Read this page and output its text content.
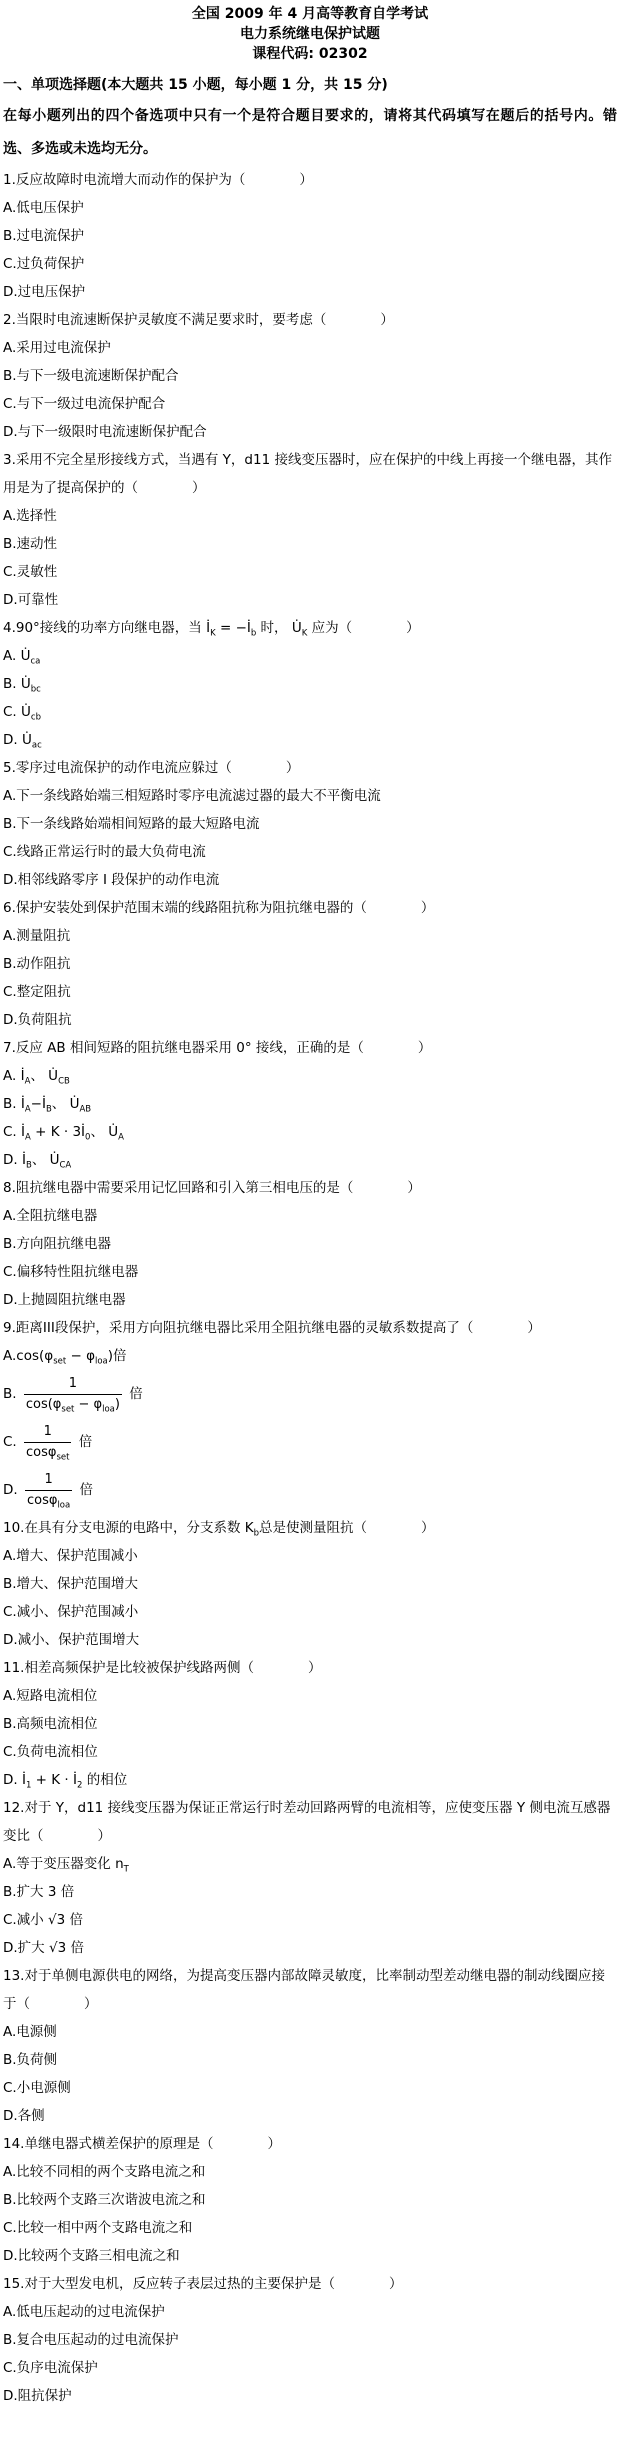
全国 2009 年 4 月高等教育自学考试
电力系统继电保护试题
课程代码: 02302
一、单项选择题(本大题共 15 小题，每小题 1 分，共 15 分)
在每小题列出的四个备选项中只有一个是符合题目要求的，请将其代码填写在题后的括号内。错选、多选或未选均无分。
1.反应故障时电流增大而动作的保护为（　　　　）
A.低电压保护
B.过电流保护
C.过负荷保护
D.过电压保护
2.当限时电流速断保护灵敏度不满足要求时，要考虑（　　　　）
A.采用过电流保护
B.与下一级电流速断保护配合
C.与下一级过电流保护配合
D.与下一级限时电流速断保护配合
3.采用不完全星形接线方式，当遇有 Y，d11 接线变压器时，应在保护的中线上再接一个继电器，其作用是为了提高保护的（　　　　）
A.选择性
B.速动性
C.灵敏性
D.可靠性
4.90°接线的功率方向继电器，当 $İ_K$ = $-İ_b$ 时， $U̇_K$ 应为（　　　　）
A. $U̇_{ca}$
B. $U̇_{bc}$
C. $U̇_{cb}$
D. $U̇_{ac}$
5.零序过电流保护的动作电流应躲过（　　　　）
A.下一条线路始端三相短路时零序电流滤过器的最大不平衡电流
B.下一条线路始端相间短路的最大短路电流
C.线路正常运行时的最大负荷电流
D.相邻线路零序 I 段保护的动作电流
6.保护安装处到保护范围末端的线路阻抗称为阻抗继电器的（　　　　）
A.测量阻抗
B.动作阻抗
C.整定阻抗
D.负荷阻抗
7.反应 AB 相间短路的阻抗继电器采用 0° 接线，正确的是（　　　　）
A. $İ_A$、 $U̇_{CB}$
B. $İ_A-İ_B$、 $U̇_{AB}$
C. $İ_A + K$ · $3İ_0$、 $U̇_A$
D. $İ_B$、 $U̇_{CA}$
8.阻抗继电器中需要采用记忆回路和引入第三相电压的是（　　　　）
A.全阻抗继电器
B.方向阻抗继电器
C.偏移特性阻抗继电器
D.上抛圆阻抗继电器
9.距离III段保护，采用方向阻抗继电器比采用全阻抗继电器的灵敏系数提高了（　　　　）
$A.\cos(\varphi_{set} - \varphi_{loa})$倍
B. $\frac{1}{\cos(\varphi_{set} - \varphi_{loa})}$ 倍
C. $\frac{1}{\cos\varphi_{set}}$ 倍
D. $\frac{1}{\cos\varphi_{loa}}$ 倍
10.在具有分支电源的电路中，分支系数 $K_b$总是使测量阻抗（　　　　）
A.增大、保护范围减小
B.增大、保护范围增大
C.减小、保护范围减小
D.减小、保护范围增大
11.相差高频保护是比较被保护线路两侧（　　　　）
A.短路电流相位
B.高频电流相位
C.负荷电流相位
D. $İ_1 + K$ · $İ_2$ 的相位
12.对于 Y，d11 接线变压器为保证正常运行时差动回路两臂的电流相等，应使变压器 Y 侧电流互感器变比（　　　　）
A.等于变压器变化 $n_T$
B.扩大 3 倍
C.减小 √3 倍
D.扩大 √3 倍
13.对于单侧电源供电的网络，为提高变压器内部故障灵敏度，比率制动型差动继电器的制动线圈应接于（　　　　）
A.电源侧
B.负荷侧
C.小电源侧
D.各侧
14.单继电器式横差保护的原理是（　　　　）
A.比较不同相的两个支路电流之和
B.比较两个支路三次谐波电流之和
C.比较一相中两个支路电流之和
D.比较两个支路三相电流之和
15.对于大型发电机，反应转子表层过热的主要保护是（　　　　）
A.低电压起动的过电流保护
B.复合电压起动的过电流保护
C.负序电流保护
D.阻抗保护
